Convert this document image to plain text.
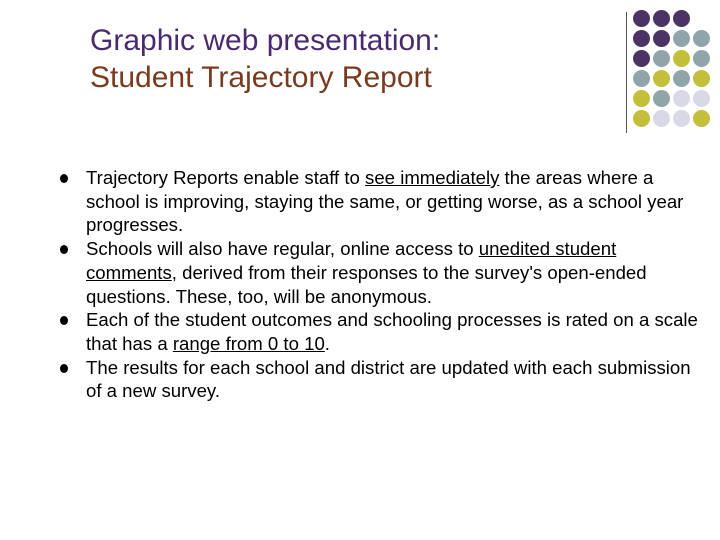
Graphic web presentation:
Student Trajectory Report
Trajectory Reports enable staff to see immediately the areas where a school is improving, staying the same, or getting worse, as a school year progresses.
Schools will also have regular, online access to unedited student comments, derived from their responses to the survey's open-ended questions. These, too, will be anonymous.
Each of the student outcomes and schooling processes is rated on a scale that has a range from 0 to 10.
The results for each school and district are updated with each submission of a new survey.
